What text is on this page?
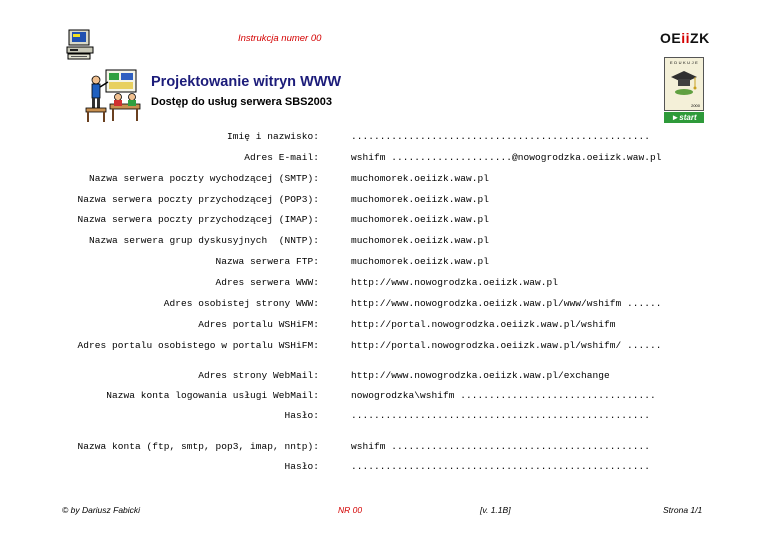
Instrukcja numer 00	OEiiZK
Projektowanie witryn WWW
Dostęp do usług serwera SBS2003
E D U K U J E
2000
►start
Imię i nazwisko:	....................................................
Adres E-mail:	wshifm .....................@nowogrodzka.oeiizk.waw.pl
Nazwa serwera poczty wychodzącej (SMTP):	muchomorek.oeiizk.waw.pl
Nazwa serwera poczty przychodzącej (POP3):	muchomorek.oeiizk.waw.pl
Nazwa serwera poczty przychodzącej (IMAP):	muchomorek.oeiizk.waw.pl
Nazwa serwera grup dyskusyjnych  (NNTP):	muchomorek.oeiizk.waw.pl
Nazwa serwera FTP:	muchomorek.oeiizk.waw.pl
Adres serwera WWW:	http://www.nowogrodzka.oeiizk.waw.pl
Adres osobistej strony WWW:	http://www.nowogrodzka.oeiizk.waw.pl/www/wshifm ......
Adres portalu WSHiFM:	http://portal.nowogrodzka.oeiizk.waw.pl/wshifm
Adres portalu osobistego w portalu WSHiFM:	http://portal.nowogrodzka.oeiizk.waw.pl/wshifm/ ......
Adres strony WebMail:	http://www.nowogrodzka.oeiizk.waw.pl/exchange
Nazwa konta logowania usługi WebMail:	nowogrodzka\wshifm ..................................
Hasło:	....................................................
Nazwa konta (ftp, smtp, pop3, imap, nntp):	wshifm .............................................
Hasło:	....................................................
© by Dariusz Fabicki	NR 00	[v. 1.1B]	Strona 1/1
